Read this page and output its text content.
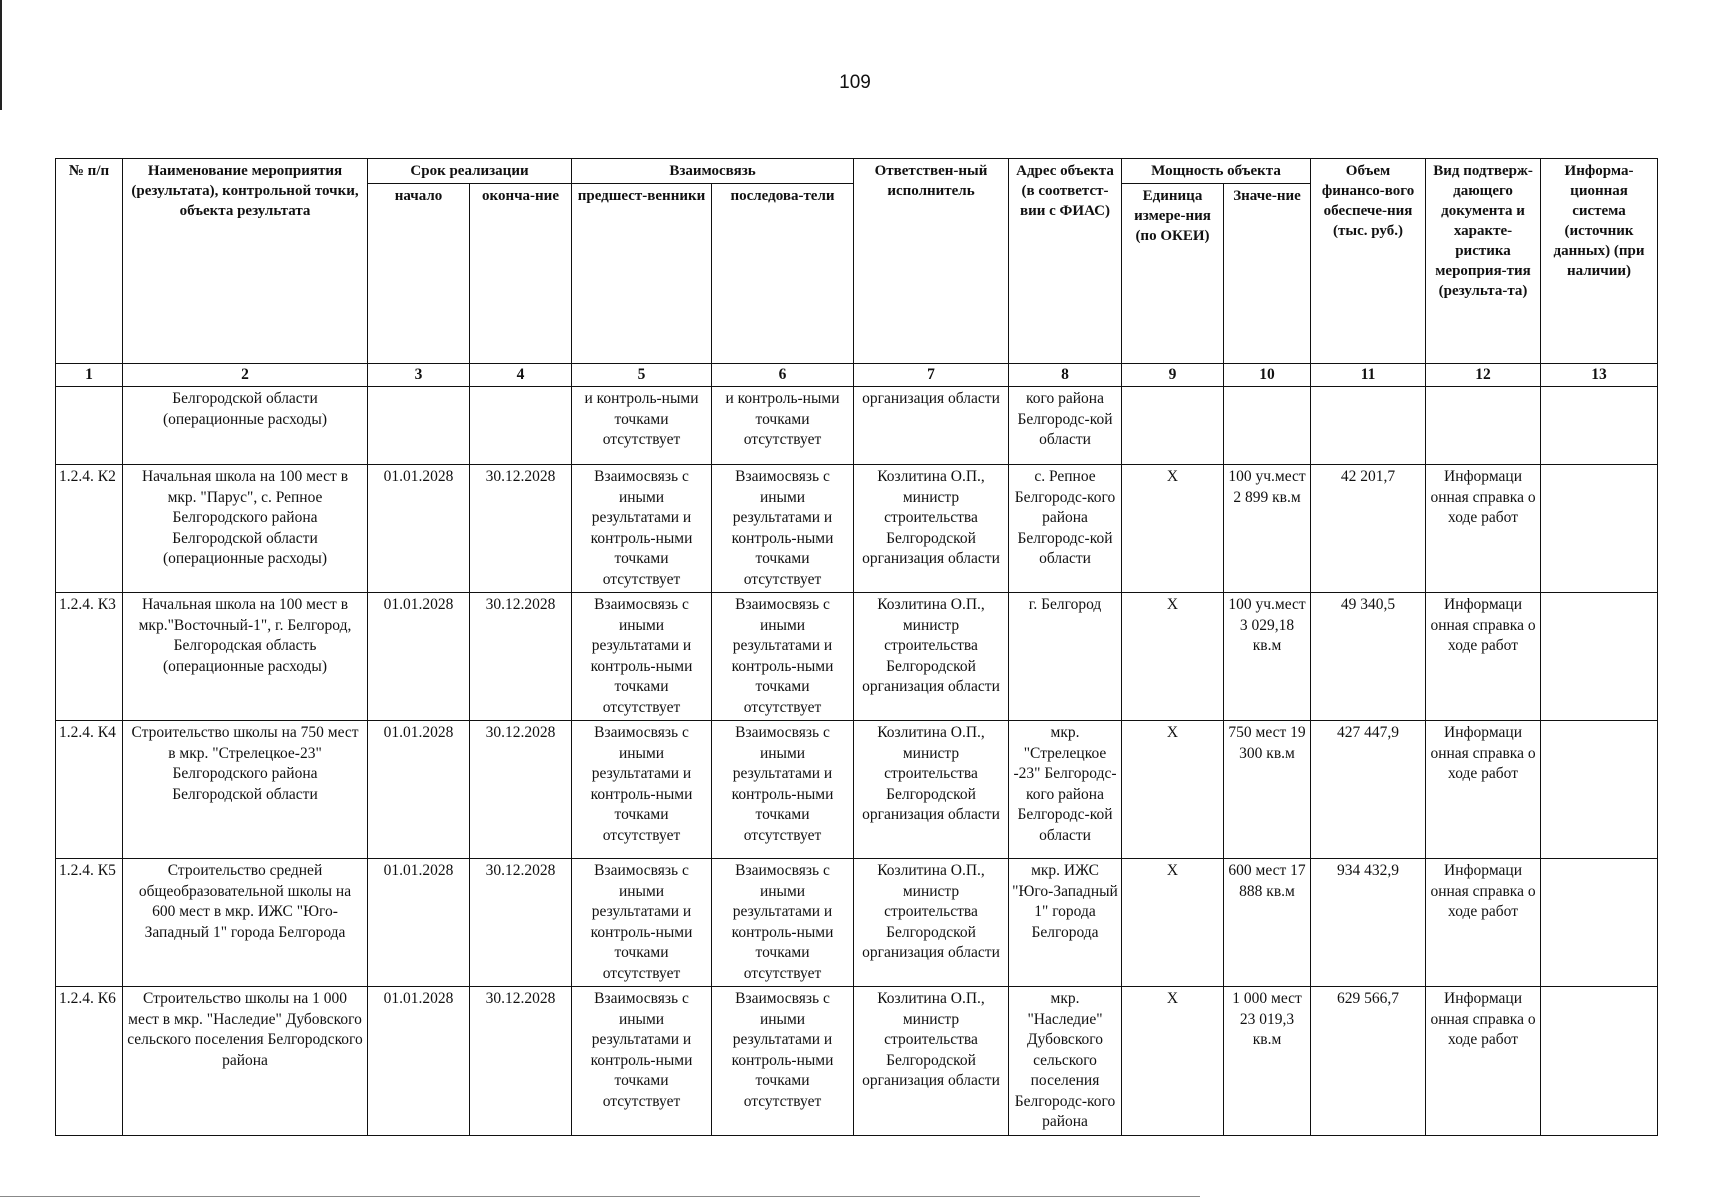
109
№ п/п	Наименование мероприятия (результата), контрольной точки, объекта результата	Срок реализации		Взаимосвязь		Ответствен-ный исполнитель	Адрес объекта (в соответст-вии с ФИАС)	Мощность объекта		Объем финансо-вого обеспече-ния (тыс. руб.)	Вид подтверж-дающего документа и характе-ристика мероприя-тия (результа-та)	Информа-ционная система (источник данных) (при наличии)
		начало	оконча-ние	предшест-венники	последова-тели			Единица измере-ния (по ОКЕИ)	Значе-ние			
1	2	3	4	5	6	7	8	9	10	11	12	13
	Белгородской области (операционные расходы)			и контроль-ными точками отсутствует	и контроль-ными точками отсутствует	организация области	кого района Белгородс-кой области					
1.2.4. К2	Начальная школа на 100 мест в мкр. "Парус", с. Репное Белгородского района Белгородской области (операционные расходы)	01.01.2028	30.12.2028	Взаимосвязь с иными результатами и контроль-ными точками отсутствует	Взаимосвязь с иными результатами и контроль-ными точками отсутствует	Козлитина О.П., министр строительства Белгородской организация области	с. Репное Белгородс-кого района Белгородс-кой области	Х	100 уч.мест 2 899 кв.м	42 201,7	Информаци онная справка о ходе работ	
1.2.4. К3	Начальная школа на 100 мест в мкр."Восточный-1", г. Белгород, Белгородская область (операционные расходы)	01.01.2028	30.12.2028	Взаимосвязь с иными результатами и контроль-ными точками отсутствует	Взаимосвязь с иными результатами и контроль-ными точками отсутствует	Козлитина О.П., министр строительства Белгородской организация области	г. Белгород	Х	100 уч.мест 3 029,18 кв.м	49 340,5	Информаци онная справка о ходе работ	
1.2.4. К4	Строительство школы на 750 мест в мкр. "Стрелецкое-23" Белгородского района Белгородской области	01.01.2028	30.12.2028	Взаимосвязь с иными результатами и контроль-ными точками отсутствует	Взаимосвязь с иными результатами и контроль-ными точками отсутствует	Козлитина О.П., министр строительства Белгородской организация области	мкр. "Стрелецкое -23" Белгородс-кого района Белгородс-кой области	Х	750 мест 19 300 кв.м	427 447,9	Информаци онная справка о ходе работ	
1.2.4. К5	Строительство средней общеобразовательной школы на 600 мест в мкр. ИЖС "Юго-Западный 1" города Белгорода	01.01.2028	30.12.2028	Взаимосвязь с иными результатами и контроль-ными точками отсутствует	Взаимосвязь с иными результатами и контроль-ными точками отсутствует	Козлитина О.П., министр строительства Белгородской организация области	мкр. ИЖС "Юго-Западный 1" города Белгорода	Х	600 мест 17 888 кв.м	934 432,9	Информаци онная справка о ходе работ	
1.2.4. К6	Строительство школы на 1 000 мест в мкр. "Наследие" Дубовского сельского поселения Белгородского района	01.01.2028	30.12.2028	Взаимосвязь с иными результатами и контроль-ными точками отсутствует	Взаимосвязь с иными результатами и контроль-ными точками отсутствует	Козлитина О.П., министр строительства Белгородской организация области	мкр. "Наследие" Дубовского сельского поселения Белгородс-кого района	Х	1 000 мест 23 019,3 кв.м	629 566,7	Информаци онная справка о ходе работ	
